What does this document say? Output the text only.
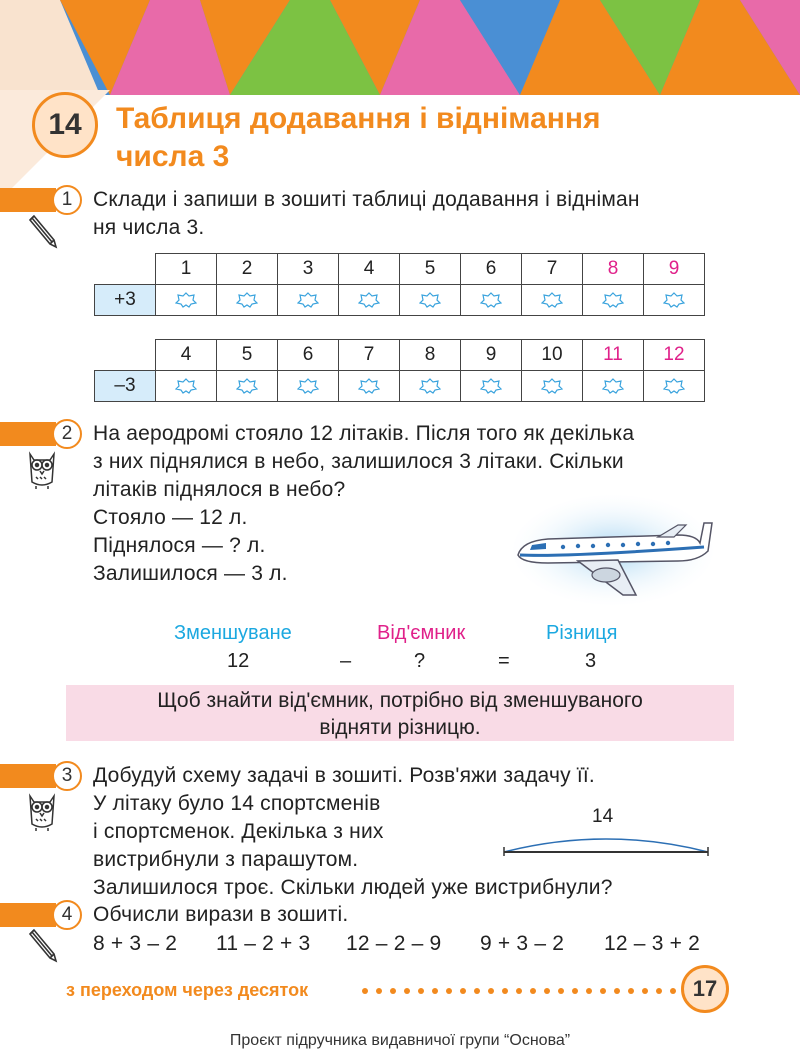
14	Таблиця додавання і віднімання
числа 3
1 Склади і запиши в зошиті таблиці додавання і відніман
ня числа 3.
	1	2	3	4	5	6	7	8	9
+3									
	4	5	6	7	8	9	10	11	12
–3									
2 На аеродромі стояло 12 літаків. Після того як декілька
з них піднялися в небо, залишилося 3 літаки. Скільки
літаків піднялося в небо?
Стояло — 12 л.
Піднялося — ? л.
Залишилося — 3 л.
Зменшуване	Від'ємник	Різниця
12	–	?	=	3
Щоб знайти від'ємник, потрібно від зменшуваного
відняти різницю.
3 Добудуй схему задачі в зошиті. Розв'яжи задачу її.
У літаку було 14 спортсменів
і спортсменок. Декілька з них
вистрибнули з парашутом.
Залишилося троє. Скільки людей уже вистрибнули?
14
4 Обчисли вирази в зошиті.
8 + 3 – 2 11 – 2 + 3 12 – 2 – 9 9 + 3 – 2 12 – 3 + 2
з переходом через десяток	17
Проєкт підручника видавничої групи “Основа”
